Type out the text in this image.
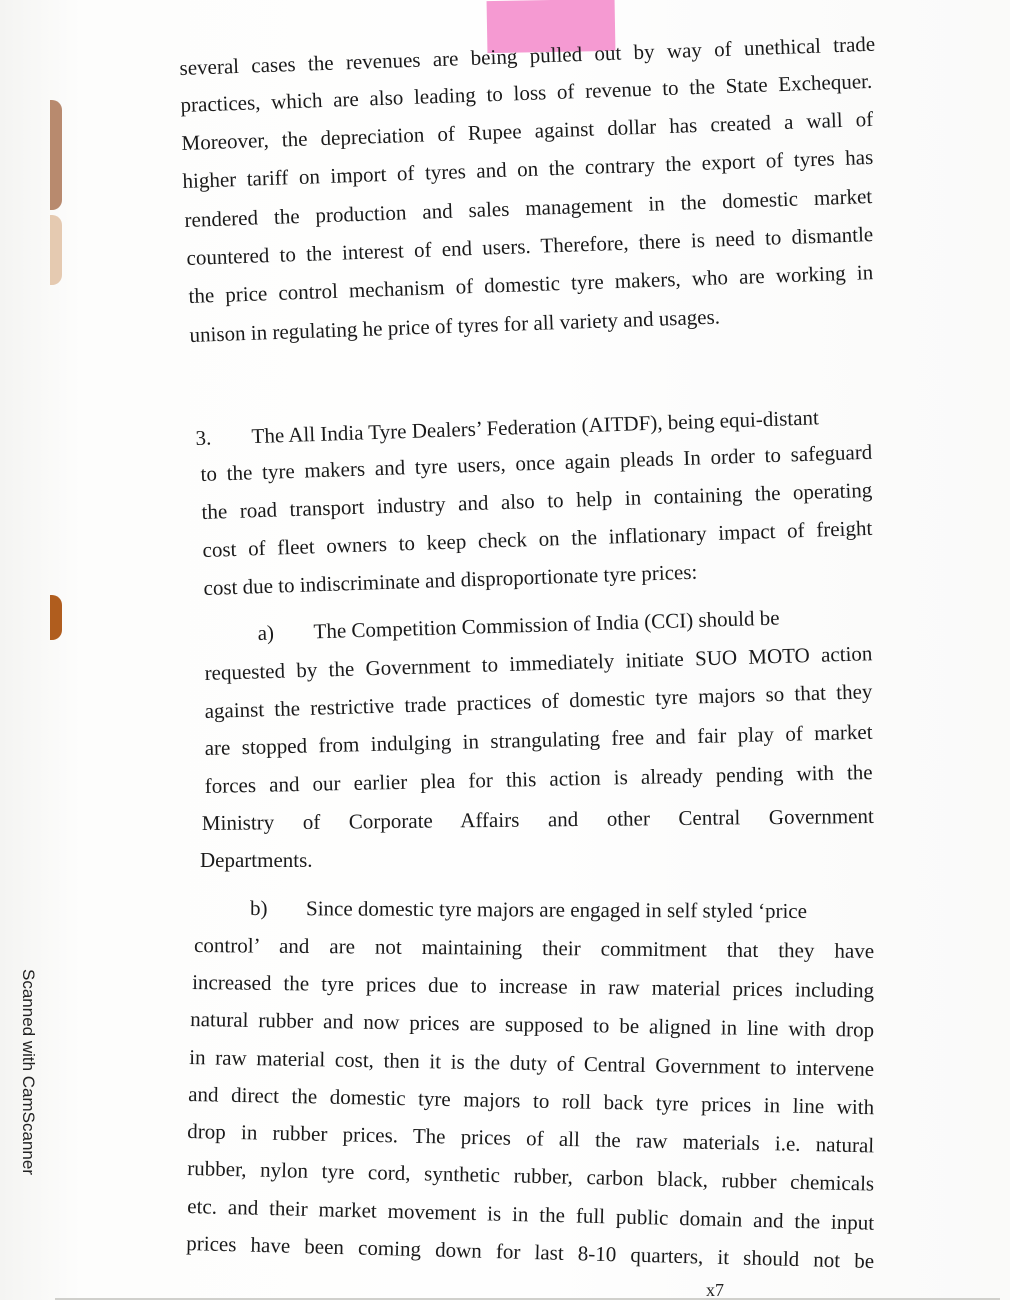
Scanned with CamScanner
several cases the revenues are being pulled out by way of unethical trade
practices, which are also leading to loss of revenue to the State Exchequer.
Moreover, the depreciation of Rupee against dollar has created a wall of
higher tariff on import of tyres and on the contrary the export of tyres has
rendered the production and sales management in the domestic market
countered to the interest of end users. Therefore, there is need to dismantle
the price control mechanism of domestic tyre makers, who are working in
unison in regulating he price of tyres for all variety and usages.
3. The All India Tyre Dealers’ Federation (AITDF), being equi-distant
to the tyre makers and tyre users, once again pleads In order to safeguard
the road transport industry and also to help in containing the operating
cost of fleet owners to keep check on the inflationary impact of freight
cost due to indiscriminate and disproportionate tyre prices:
a) The Competition Commission of India (CCI) should be
requested by the Government to immediately initiate SUO MOTO action
against the restrictive trade practices of domestic tyre majors so that they
are stopped from indulging in strangulating free and fair play of market
forces and our earlier plea for this action is already pending with the
Ministry of Corporate Affairs and other Central Government
Departments.
b) Since domestic tyre majors are engaged in self styled ‘price
control’ and are not maintaining their commitment that they have
increased the tyre prices due to increase in raw material prices including
natural rubber and now prices are supposed to be aligned in line with drop
in raw material cost, then it is the duty of Central Government to intervene
and direct the domestic tyre majors to roll back tyre prices in line with
drop in rubber prices. The prices of all the raw materials i.e. natural
rubber, nylon tyre cord, synthetic rubber, carbon black, rubber chemicals
etc. and their market movement is in the full public domain and the input
prices have been coming down for last 8-10 quarters, it should not be
x7
